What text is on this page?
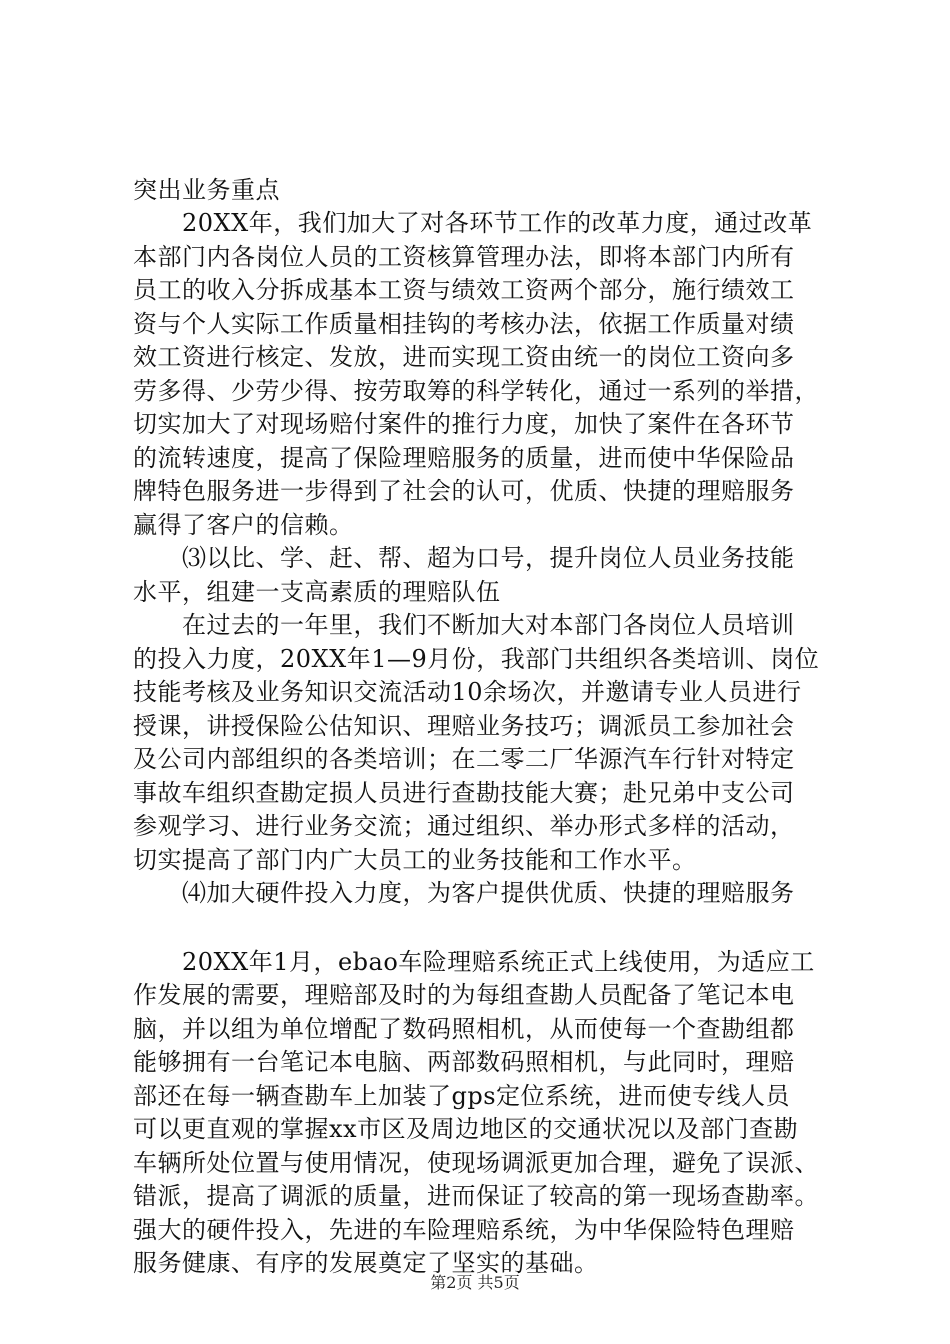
突出业务重点
　　20XX年，我们加大了对各环节工作的改革力度，通过改革
本部门内各岗位人员的工资核算管理办法，即将本部门内所有
员工的收入分拆成基本工资与绩效工资两个部分，施行绩效工
资与个人实际工作质量相挂钩的考核办法，依据工作质量对绩
效工资进行核定、发放，进而实现工资由统一的岗位工资向多
劳多得、少劳少得、按劳取筹的科学转化，通过一系列的举措，
切实加大了对现场赔付案件的推行力度，加快了案件在各环节
的流转速度，提高了保险理赔服务的质量，进而使中华保险品
牌特色服务进一步得到了社会的认可，优质、快捷的理赔服务
赢得了客户的信赖。
　　⑶以比、学、赶、帮、超为口号，提升岗位人员业务技能
水平，组建一支高素质的理赔队伍
　　在过去的一年里，我们不断加大对本部门各岗位人员培训
的投入力度，20XX年1—9月份，我部门共组织各类培训、岗位
技能考核及业务知识交流活动10余场次，并邀请专业人员进行
授课，讲授保险公估知识、理赔业务技巧；调派员工参加社会
及公司内部组织的各类培训；在二零二厂华源汽车行针对特定
事故车组织查勘定损人员进行查勘技能大赛；赴兄弟中支公司
参观学习、进行业务交流；通过组织、举办形式多样的活动，
切实提高了部门内广大员工的业务技能和工作水平。
　　⑷加大硬件投入力度，为客户提供优质、快捷的理赔服务
　　20XX年1月，ebao车险理赔系统正式上线使用，为适应工
作发展的需要，理赔部及时的为每组查勘人员配备了笔记本电
脑，并以组为单位增配了数码照相机，从而使每一个查勘组都
能够拥有一台笔记本电脑、两部数码照相机，与此同时，理赔
部还在每一辆查勘车上加装了gps定位系统，进而使专线人员
可以更直观的掌握xx市区及周边地区的交通状况以及部门查勘
车辆所处位置与使用情况，使现场调派更加合理，避免了误派、
错派，提高了调派的质量，进而保证了较高的第一现场查勘率。
强大的硬件投入，先进的车险理赔系统，为中华保险特色理赔
服务健康、有序的发展奠定了坚实的基础。
第2页 共5页
